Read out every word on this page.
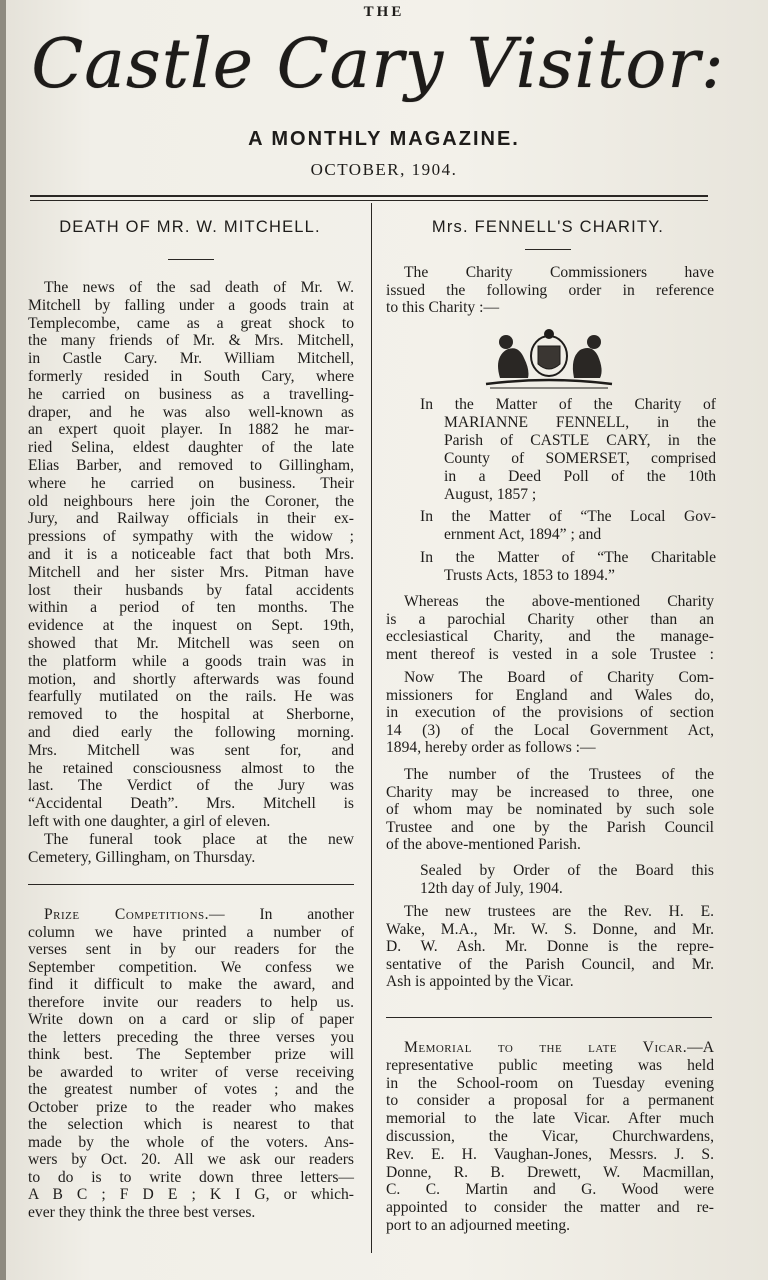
THE
Castle Cary Visitor:
A MONTHLY MAGAZINE.
OCTOBER, 1904.
DEATH OF MR. W. MITCHELL.
The news of the sad death of Mr. W.
Mitchell by falling under a goods train at
Templecombe, came as a great shock to
the many friends of Mr. & Mrs. Mitchell,
in Castle Cary. Mr. William Mitchell,
formerly resided in South Cary, where
he carried on business as a travelling-
draper, and he was also well-known as
an expert quoit player. In 1882 he mar-
ried Selina, eldest daughter of the late
Elias Barber, and removed to Gillingham,
where he carried on business. Their
old neighbours here join the Coroner, the
Jury, and Railway officials in their ex-
pressions of sympathy with the widow ;
and it is a noticeable fact that both Mrs.
Mitchell and her sister Mrs. Pitman have
lost their husbands by fatal accidents
within a period of ten months. The
evidence at the inquest on Sept. 19th,
showed that Mr. Mitchell was seen on
the platform while a goods train was in
motion, and shortly afterwards was found
fearfully mutilated on the rails. He was
removed to the hospital at Sherborne,
and died early the following morning.
Mrs. Mitchell was sent for, and
he retained consciousness almost to the
last. The Verdict of the Jury was
“Accidental Death”. Mrs. Mitchell is
left with one daughter, a girl of eleven.
The funeral took place at the new
Cemetery, Gillingham, on Thursday.
Prize Competitions.— In another
column we have printed a number of
verses sent in by our readers for the
September competition. We confess we
find it difficult to make the award, and
therefore invite our readers to help us.
Write down on a card or slip of paper
the letters preceding the three verses you
think best. The September prize will
be awarded to writer of verse receiving
the greatest number of votes ; and the
October prize to the reader who makes
the selection which is nearest to that
made by the whole of the voters. Ans-
wers by Oct. 20. All we ask our readers
to do is to write down three letters—
A B C ; F D E ; K I G, or which-
ever they think the three best verses.
Mrs. FENNELL'S CHARITY.
The Charity Commissioners have
issued the following order in reference
to this Charity :—
In the Matter of the Charity of
MARIANNE FENNELL, in the
Parish of CASTLE CARY, in the
County of SOMERSET, comprised
in a Deed Poll of the 10th
August, 1857 ;
In the Matter of “The Local Gov-
ernment Act, 1894” ; and
In the Matter of “The Charitable
Trusts Acts, 1853 to 1894.”
Whereas the above-mentioned Charity
is a parochial Charity other than an
ecclesiastical Charity, and the manage-
ment thereof is vested in a sole Trustee :
Now The Board of Charity Com-
missioners for England and Wales do,
in execution of the provisions of section
14 (3) of the Local Government Act,
1894, hereby order as follows :—
The number of the Trustees of the
Charity may be increased to three, one
of whom may be nominated by such sole
Trustee and one by the Parish Council
of the above-mentioned Parish.
Sealed by Order of the Board this
12th day of July, 1904.
The new trustees are the Rev. H. E.
Wake, M.A., Mr. W. S. Donne, and Mr.
D. W. Ash. Mr. Donne is the repre-
sentative of the Parish Council, and Mr.
Ash is appointed by the Vicar.
Memorial to the late Vicar.—A
representative public meeting was held
in the School-room on Tuesday evening
to consider a proposal for a permanent
memorial to the late Vicar. After much
discussion, the Vicar, Churchwardens,
Rev. E. H. Vaughan-Jones, Messrs. J. S.
Donne, R. B. Drewett, W. Macmillan,
C. C. Martin and G. Wood were
appointed to consider the matter and re-
port to an adjourned meeting.
